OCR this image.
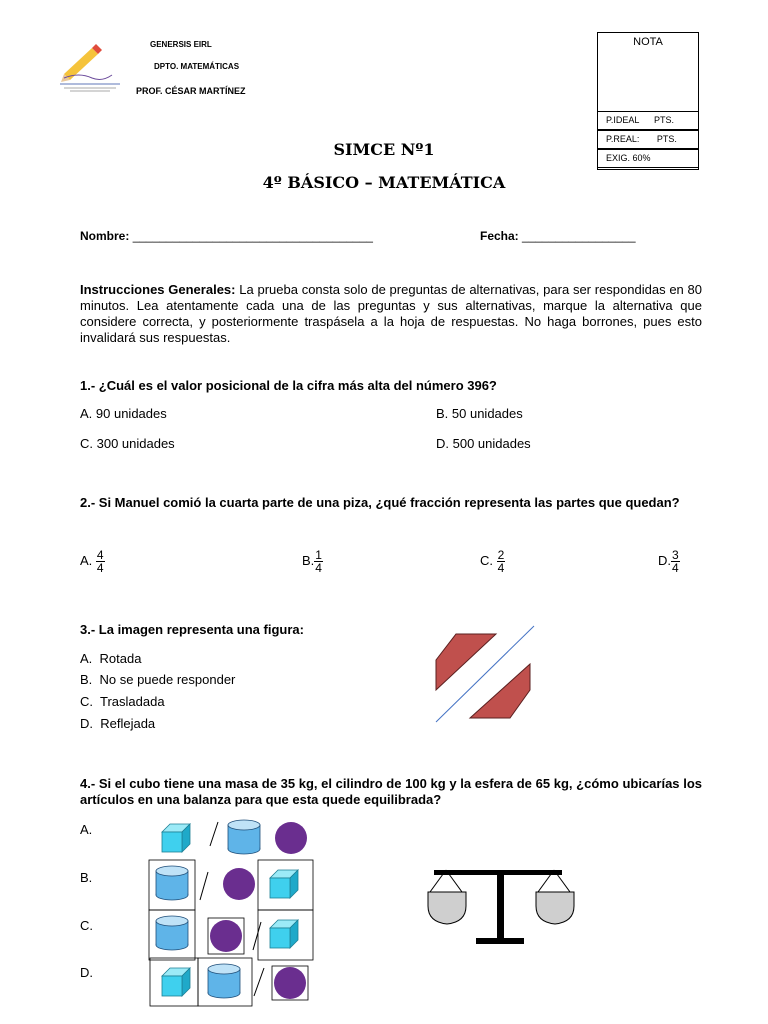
GENERSIS EIRL
DPTO. MATEMÁTICAS
PROF. CÉSAR MARTÍNEZ
NOTA
P.IDEAL      PTS.
P.REAL:       PTS.
EXIG. 60%
SIMCE Nº1
4º BÁSICO – MATEMÁTICA
Nombre: ____________________________________	Fecha: _________________
Instrucciones Generales: La prueba consta solo de preguntas de alternativas, para ser respondidas en 80 minutos. Lea atentamente cada una de las preguntas y sus alternativas, marque la alternativa que considere correcta, y posteriormente traspásela a la hoja de respuestas. No haga borrones, pues esto invalidará sus respuestas.
1.- ¿Cuál es el valor posicional de la cifra más alta del número 396?
A. 90 unidades	B. 50 unidades
C. 300 unidades	D. 500 unidades
2.- Si Manuel comió la cuarta parte de una piza, ¿qué fracción representa las partes que quedan?
A. $\frac{4}{4}$	B. $\frac{1}{4}$	C. $\frac{2}{4}$	D. $\frac{3}{4}$
3.- La imagen representa una figura:
A.  Rotada
B.  No se puede responder
C.  Trasladada
D.  Reflejada
4.- Si el cubo tiene una masa de 35 kg, el cilindro de 100 kg y la esfera de 65 kg, ¿cómo ubicarías los artículos en una balanza para que esta quede equilibrada?
A.
B.
C.
D.
